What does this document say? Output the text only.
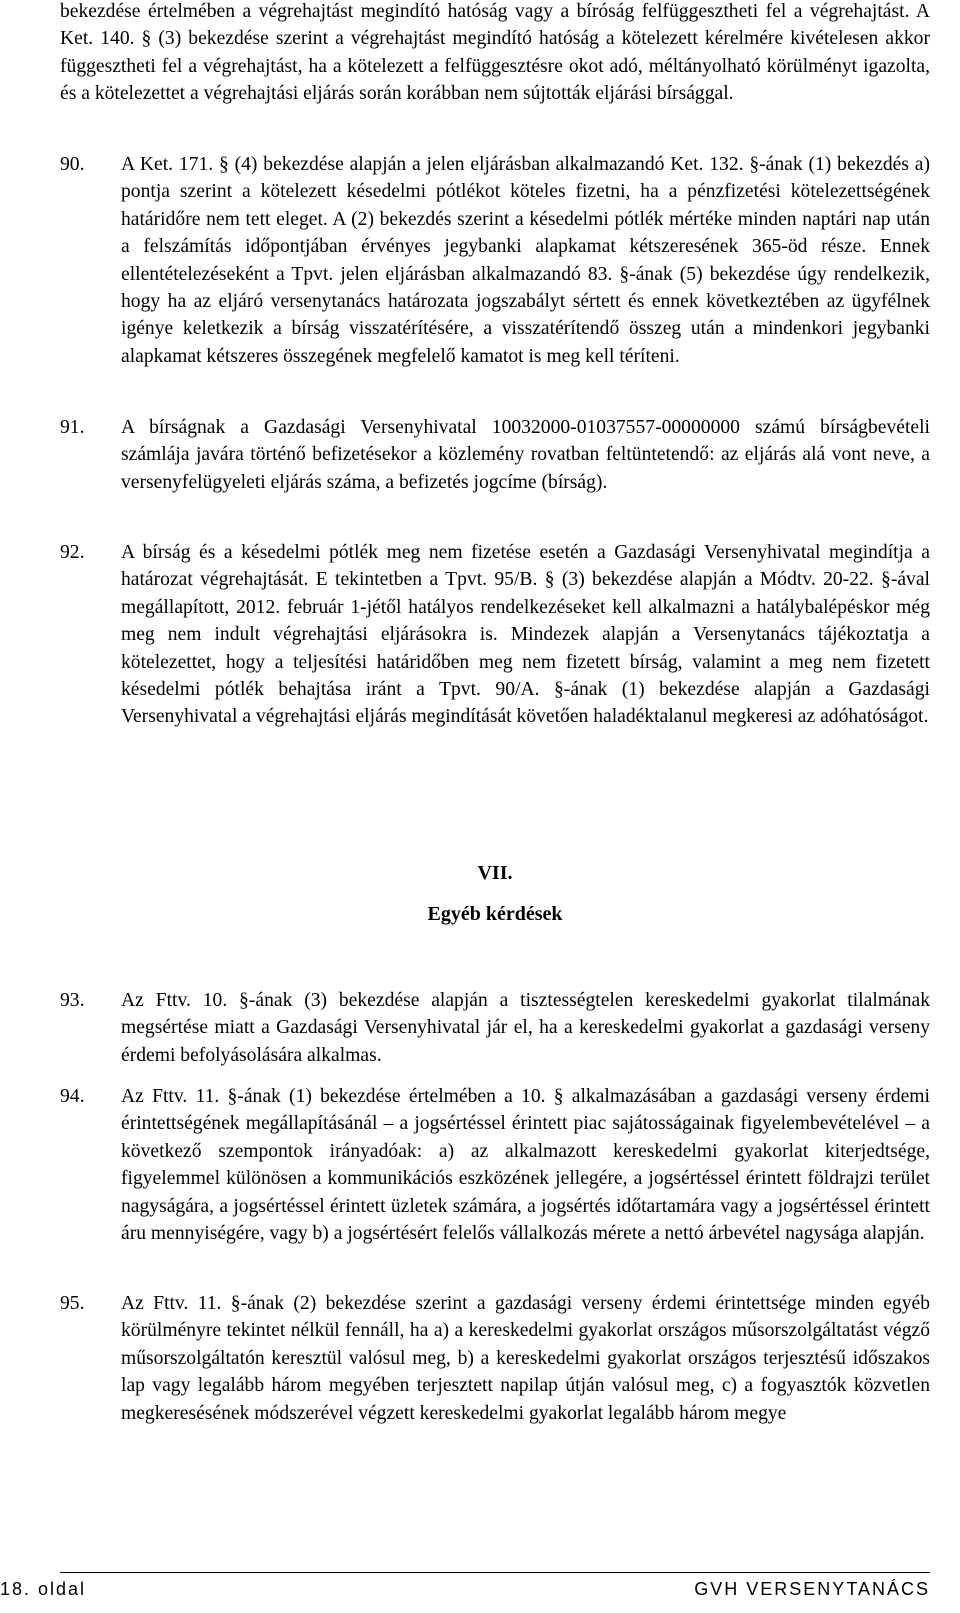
bekezdése értelmében a végrehajtást megindító hatóság vagy a bíróság felfüggesztheti fel a végrehajtást. A Ket. 140. § (3) bekezdése szerint a végrehajtást megindító hatóság a kötelezett kérelmére kivételesen akkor függesztheti fel a végrehajtást, ha a kötelezett a felfüggesztésre okot adó, méltányolható körülményt igazolta, és a kötelezettet a végrehajtási eljárás során korábban nem sújtották eljárási bírsággal.
90.	A Ket. 171. § (4) bekezdése alapján a jelen eljárásban alkalmazandó Ket. 132. §-ának (1) bekezdés a) pontja szerint a kötelezett késedelmi pótlékot köteles fizetni, ha a pénzfizetési kötelezettségének határidőre nem tett eleget. A (2) bekezdés szerint a késedelmi pótlék mértéke minden naptári nap után a felszámítás időpontjában érvényes jegybanki alapkamat kétszeresének 365-öd része. Ennek ellentételezéseként a Tpvt. jelen eljárásban alkalmazandó 83. §-ának (5) bekezdése úgy rendelkezik, hogy ha az eljáró versenytanács határozata jogszabályt sértett és ennek következtében az ügyfélnek igénye keletkezik a bírság visszatérítésére, a visszatérítendő összeg után a mindenkori jegybanki alapkamat kétszeres összegének megfelelő kamatot is meg kell téríteni.
91.	A bírságnak a Gazdasági Versenyhivatal 10032000-01037557-00000000 számú bírságbevételi számlája javára történő befizetésekor a közlemény rovatban feltüntetendő: az eljárás alá vont neve, a versenyfelügyeleti eljárás száma, a befizetés jogcíme (bírság).
92.	A bírság és a késedelmi pótlék meg nem fizetése esetén a Gazdasági Versenyhivatal megindítja a határozat végrehajtását. E tekintetben a Tpvt. 95/B. § (3) bekezdése alapján a Módtv. 20-22. §-ával megállapított, 2012. február 1-jétől hatályos rendelkezéseket kell alkalmazni a hatálybalépéskor még meg nem indult végrehajtási eljárásokra is. Mindezek alapján a Versenytanács tájékoztatja a kötelezettet, hogy a teljesítési határidőben meg nem fizetett bírság, valamint a meg nem fizetett késedelmi pótlék behajtása iránt a Tpvt. 90/A. §-ának (1) bekezdése alapján a Gazdasági Versenyhivatal a végrehajtási eljárás megindítását követően haladéktalanul megkeresi az adóhatóságot.
VII.
Egyéb kérdések
93.	Az Fttv. 10. §-ának (3) bekezdése alapján a tisztességtelen kereskedelmi gyakorlat tilalmának megsértése miatt a Gazdasági Versenyhivatal jár el, ha a kereskedelmi gyakorlat a gazdasági verseny érdemi befolyásolására alkalmas.
94.	Az Fttv. 11. §-ának (1) bekezdése értelmében a 10. § alkalmazásában a gazdasági verseny érdemi érintettségének megállapításánál – a jogsértéssel érintett piac sajátosságainak figyelembevételével – a következő szempontok irányadóak: a) az alkalmazott kereskedelmi gyakorlat kiterjedtsége, figyelemmel különösen a kommunikációs eszközének jellegére, a jogsértéssel érintett földrajzi terület nagyságára, a jogsértéssel érintett üzletek számára, a jogsértés időtartamára vagy a jogsértéssel érintett áru mennyiségére, vagy b) a jogsértésért felelős vállalkozás mérete a nettó árbevétel nagysága alapján.
95.	Az Fttv. 11. §-ának (2) bekezdése szerint a gazdasági verseny érdemi érintettsége minden egyéb körülményre tekintet nélkül fennáll, ha a) a kereskedelmi gyakorlat országos műsorszolgáltatást végző műsorszolgáltatón keresztül valósul meg, b) a kereskedelmi gyakorlat országos terjesztésű időszakos lap vagy legalább három megyében terjesztett napilap útján valósul meg, c) a fogyasztók közvetlen megkeresésének módszerével végzett kereskedelmi gyakorlat legalább három megye
18. oldal	GVH VERSENYTANÁCS
